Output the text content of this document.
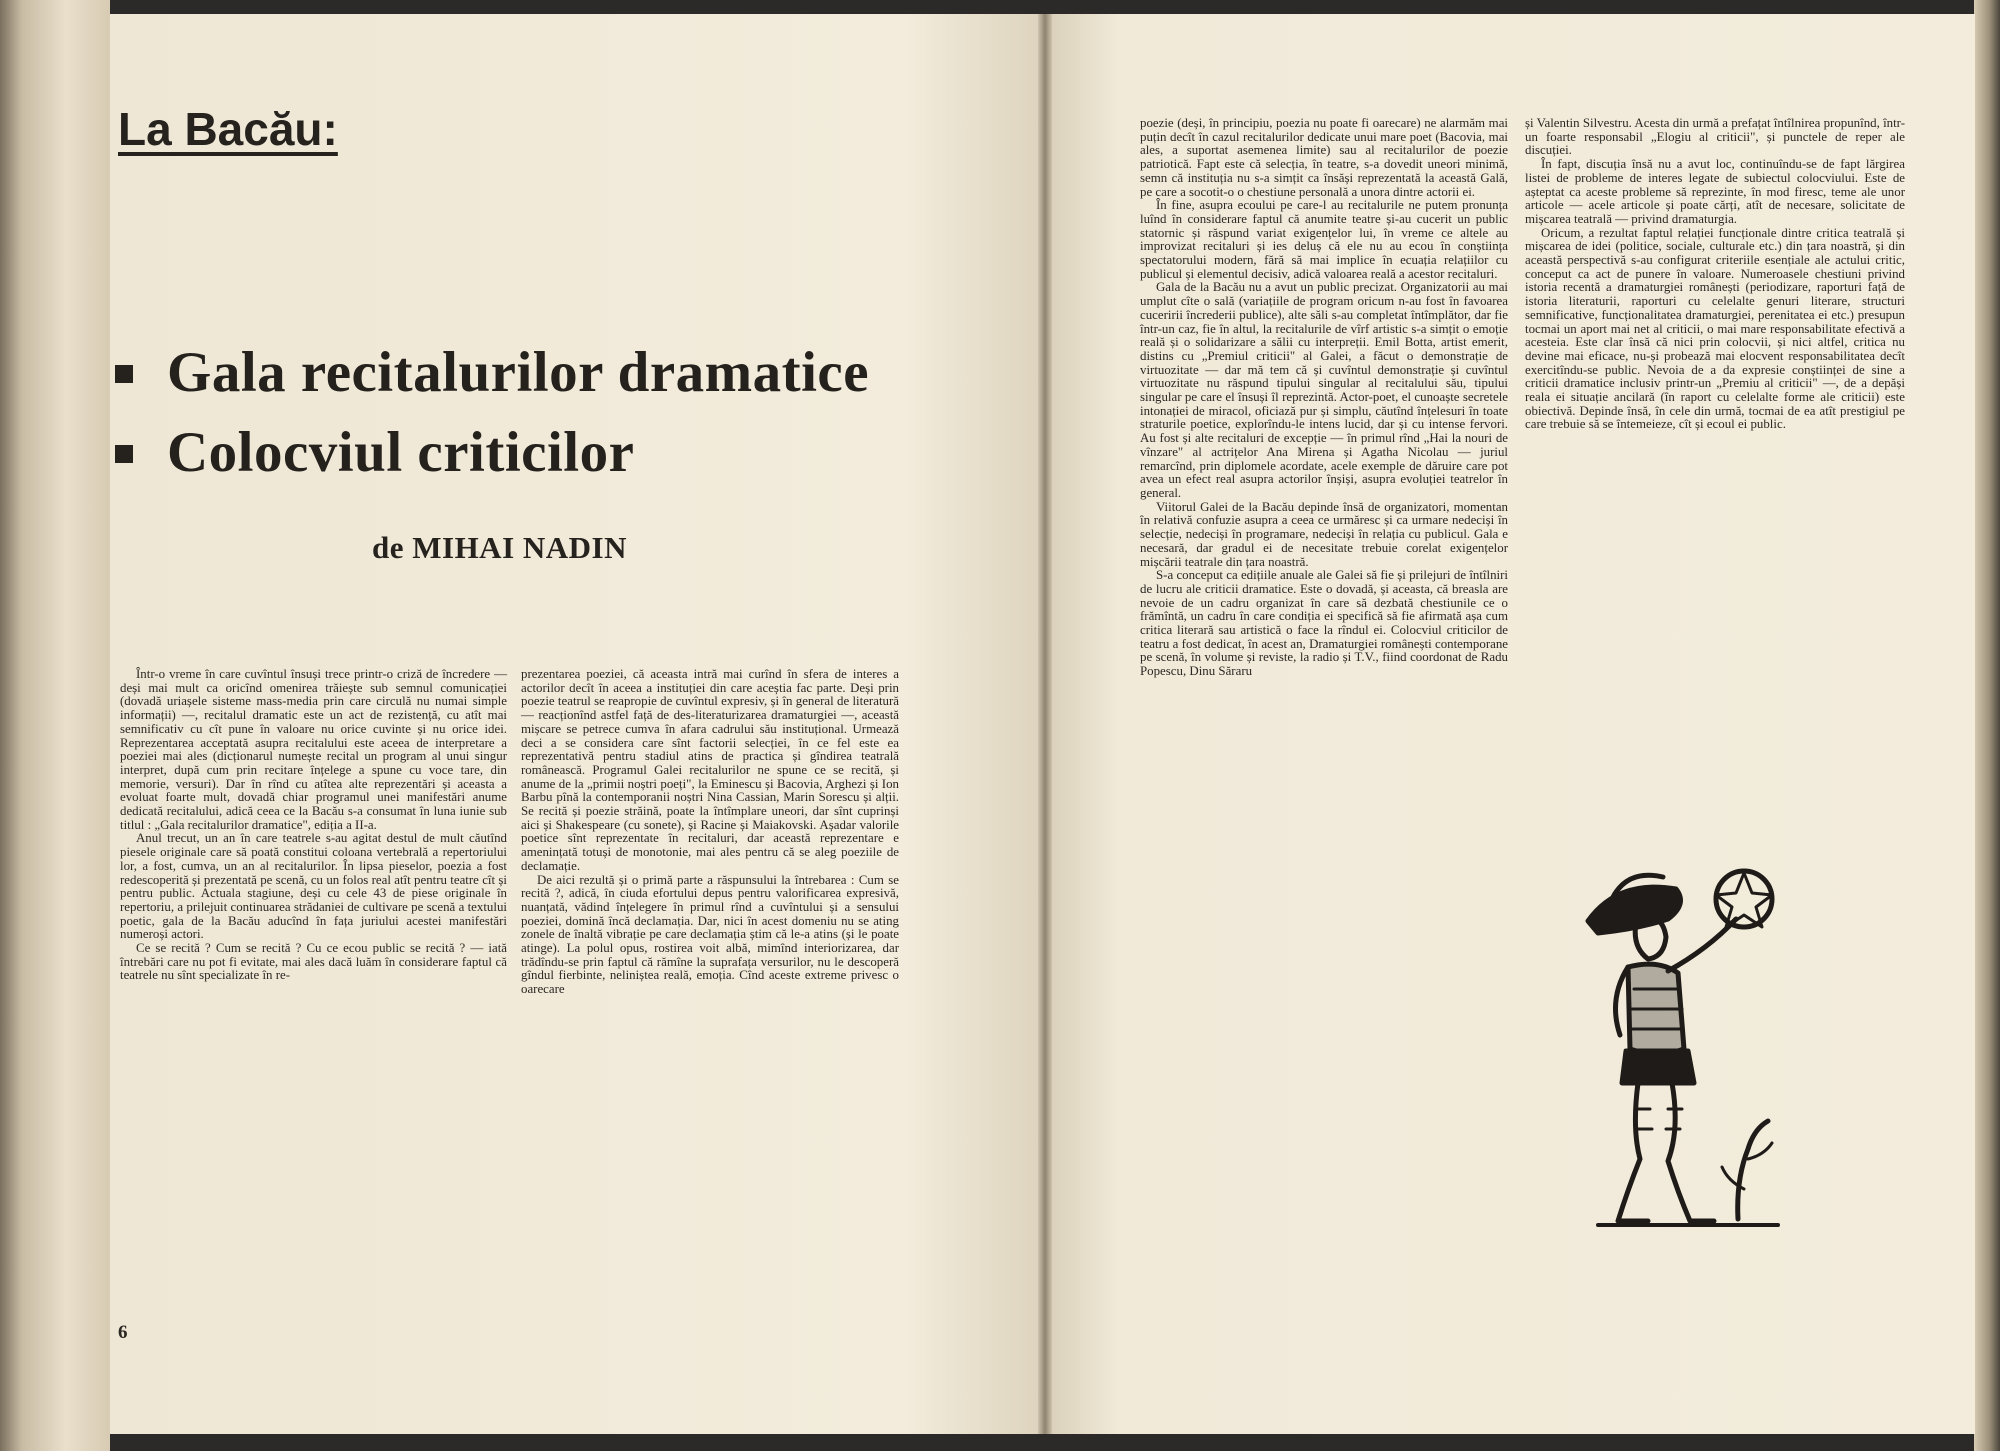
La Bacău:
Gala recitalurilor dramatice
Colocviul criticilor

de MIHAI NADIN

Într-o vreme în care cuvîntul însuși trece printr-o criză de încredere — deși mai mult ca oricînd omenirea trăiește sub semnul comunicației (dovadă uriașele sisteme mass-media prin care circulă nu numai simple informații) —, recitalul dramatic este un act de rezistență, cu atît mai semnificativ cu cît pune în valoare nu orice cuvinte și nu orice idei. Reprezentarea acceptată asupra recitalului este aceea de interpretare a poeziei mai ales (dicționarul numește recital un program al unui singur interpret, după cum prin recitare înțelege a spune cu voce tare, din memorie, versuri). Dar în rînd cu atîtea alte reprezentări și aceasta a evoluat foarte mult, dovadă chiar programul unei manifestări anume dedicată recitalului, adică ceea ce la Bacău s-a consumat în luna iunie sub titlul : „Gala recitalurilor dramatice", ediția a II-a.

Anul trecut, un an în care teatrele s-au agitat destul de mult căutînd piesele originale care să poată constitui coloana vertebrală a repertoriului lor, a fost, cumva, un an al recitalurilor. În lipsa pieselor, poezia a fost redescoperită și prezentată pe scenă, cu un folos real atît pentru teatre cît și pentru public. Actuala stagiune, deși cu cele 43 de piese originale în repertoriu, a prilejuit continuarea strădaniei de cultivare pe scenă a textului poetic, gala de la Bacău aducînd în fața juriului acestei manifestări numeroși actori.

Ce se recită ? Cum se recită ? Cu ce ecou public se recită ? — iată întrebări care nu pot fi evitate, mai ales dacă luăm în considerare faptul că teatrele nu sînt specializate în re-

prezentarea poeziei, că aceasta intră mai curînd în sfera de interes a actorilor decît în aceea a instituției din care aceștia fac parte. Deși prin poezie teatrul se reapropie de cuvîntul expresiv, și în general de literatură — reacționînd astfel față de des-literaturizarea dramaturgiei —, această mișcare se petrece cumva în afara cadrului său instituțional. Urmează deci a se considera care sînt factorii selecției, în ce fel este ea reprezentativă pentru stadiul atins de practica și gîndirea teatrală românească. Programul Galei recitalurilor ne spune ce se recită, și anume de la „primii noștri poeți", la Eminescu și Bacovia, Arghezi și Ion Barbu pînă la contemporanii noștri Nina Cassian, Marin Sorescu și alții. Se recită și poezie străină, poate la întîmplare uneori, dar sînt cuprinși aici și Shakespeare (cu sonete), și Racine și Maiakovski. Așadar valorile poetice sînt reprezentate în recitaluri, dar această reprezentare e amenințată totuși de monotonie, mai ales pentru că se aleg poeziile de declamație.

De aici rezultă și o primă parte a răspunsului la întrebarea : Cum se recită ?, adică, în ciuda efortului depus pentru valorificarea expresivă, nuanțată, vădind înțelegere în primul rînd a cuvîntului și a sensului poeziei, domină încă declamația. Dar, nici în acest domeniu nu se ating zonele de înaltă vibrație pe care declamația știm că le-a atins (și le poate atinge). La polul opus, rostirea voit albă, mimînd interiorizarea, dar trădîndu-se prin faptul că rămîne la suprafața versurilor, nu le descoperă gîndul fierbinte, neliniștea reală, emoția. Cînd aceste extreme privesc o oarecare

6

poezie (deși, în principiu, poezia nu poate fi oarecare) ne alarmăm mai puțin decît în cazul recitalurilor dedicate unui mare poet (Bacovia, mai ales, a suportat asemenea limite) sau al recitalurilor de poezie patriotică. Fapt este că selecția, în teatre, s-a dovedit uneori minimă, semn că instituția nu s-a simțit ca însăși reprezentată la această Gală, pe care a socotit-o o chestiune personală a unora dintre actorii ei.

În fine, asupra ecoului pe care-l au recitalurile ne putem pronunța luînd în considerare faptul că anumite teatre și-au cucerit un public statornic și răspund variat exigențelor lui, în vreme ce altele au improvizat recitaluri și ies deluș că ele nu au ecou în conștiința spectatorului modern, fără să mai implice în ecuația relațiilor cu publicul și elementul decisiv, adică valoarea reală a acestor recitaluri.

Gala de la Bacău nu a avut un public precizat. Organizatorii au mai umplut cîte o sală (variațiile de program oricum n-au fost în favoarea cuceririi încrederii publice), alte săli s-au completat întîmplător, dar fie într-un caz, fie în altul, la recitalurile de vîrf artistic s-a simțit o emoție reală și o solidarizare a sălii cu interpreții. Emil Botta, artist emerit, distins cu „Premiul criticii" al Galei, a făcut o demonstrație de virtuozitate — dar mă tem că și cuvîntul demonstrație și cuvîntul virtuozitate nu răspund tipului singular al recitalului său, tipului singular pe care el însuși îl reprezintă. Actor-poet, el cunoaște secretele intonației de miracol, oficiază pur și simplu, căutînd înțelesuri în toate straturile poetice, explorîndu-le intens lucid, dar și cu intense fervori. Au fost și alte recitaluri de excepție — în primul rînd „Hai la nouri de vînzare" al actrițelor Ana Mirena și Agatha Nicolau — juriul remarcînd, prin diplomele acordate, acele exemple de dăruire care pot avea un efect real asupra actorilor înșiși, asupra evoluției teatrelor în general.

Viitorul Galei de la Bacău depinde însă de organizatori, momentan în relativă confuzie asupra a ceea ce urmăresc și ca urmare nedeciși în selecție, nedeciși în programare, nedeciși în relația cu publicul. Gala e necesară, dar gradul ei de necesitate trebuie corelat exigențelor mișcării teatrale din țara noastră.

S-a conceput ca edițiile anuale ale Galei să fie și prilejuri de întîlniri de lucru ale criticii dramatice. Este o dovadă, și aceasta, că breasla are nevoie de un cadru organizat în care să dezbată chestiunile ce o frămîntă, un cadru în care condiția ei specifică să fie afirmată așa cum critica literară sau artistică o face la rîndul ei. Colocviul criticilor de teatru a fost dedicat, în acest an, Dramaturgiei românești contemporane pe scenă, în volume și reviste, la radio și T.V., fiind coordonat de Radu Popescu, Dinu Săraru

și Valentin Silvestru. Acesta din urmă a prefațat întîlnirea propunînd, într-un foarte responsabil „Elogiu al criticii", și punctele de reper ale discuției.

În fapt, discuția însă nu a avut loc, continuîndu-se de fapt lărgirea listei de probleme de interes legate de subiectul colocviului. Este de așteptat ca aceste probleme să reprezinte, în mod firesc, teme ale unor articole — acele articole și poate cărți, atît de necesare, solicitate de mișcarea teatrală — privind dramaturgia.

Oricum, a rezultat faptul relației funcționale dintre critica teatrală și mișcarea de idei (politice, sociale, culturale etc.) din țara noastră, și din această perspectivă s-au configurat criteriile esențiale ale actului critic, conceput ca act de punere în valoare. Numeroasele chestiuni privind istoria recentă a dramaturgiei românești (periodizare, raporturi față de istoria literaturii, raporturi cu celelalte genuri literare, structuri semnificative, funcționalitatea dramaturgiei, perenitatea ei etc.) presupun tocmai un aport mai net al criticii, o mai mare responsabilitate efectivă a acesteia. Este clar însă că nici prin colocvii, și nici altfel, critica nu devine mai eficace, nu-și probează mai elocvent responsabilitatea decît exercitîndu-se public. Nevoia de a da expresie conștiinței de sine a criticii dramatice inclusiv printr-un „Premiu al criticii" —, de a depăși reala ei situație ancilară (în raport cu celelalte forme ale criticii) este obiectivă. Depinde însă, în cele din urmă, tocmai de ea atît prestigiul pe care trebuie să se întemeieze, cît și ecoul ei public.
